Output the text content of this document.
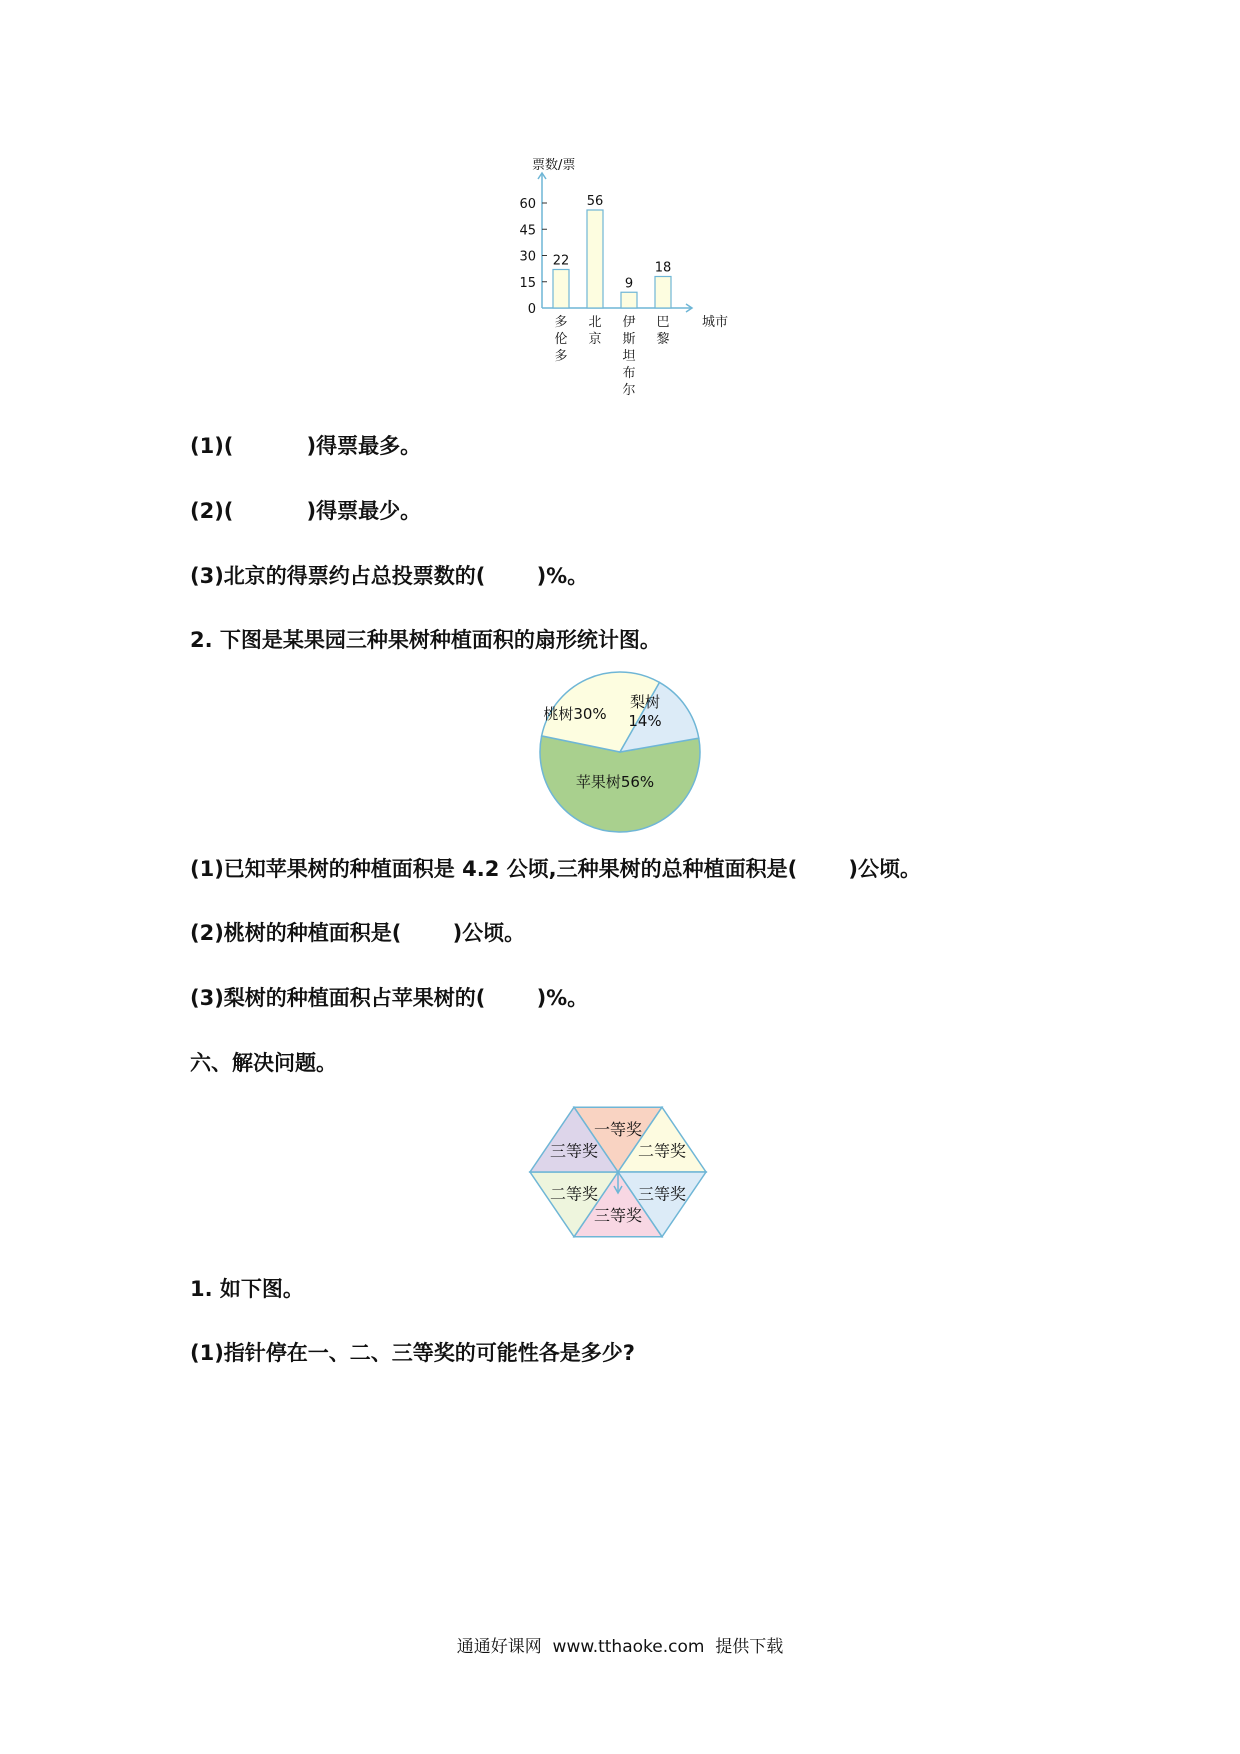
票数/票
城市
0
15
30
45
60
22
多伦多
56
北京
9
伊斯坦布尔
18
巴黎
(1)(          )得票最多。
(2)(          )得票最少。
(3)北京的得票约占总投票数的(       )%。
2. 下图是某果园三种果树种植面积的扇形统计图。
苹果树56%
桃树30%
梨树
14%
(1)已知苹果树的种植面积是 4.2 公顷,三种果树的总种植面积是(       )公顷。
(2)桃树的种植面积是(       )公顷。
(3)梨树的种植面积占苹果树的(       )%。
六、解决问题。
一等奖
二等奖
三等奖
三等奖
二等奖
三等奖
1. 如下图。
(1)指针停在一、二、三等奖的可能性各是多少?
通通好课网  www.tthaoke.com  提供下载
